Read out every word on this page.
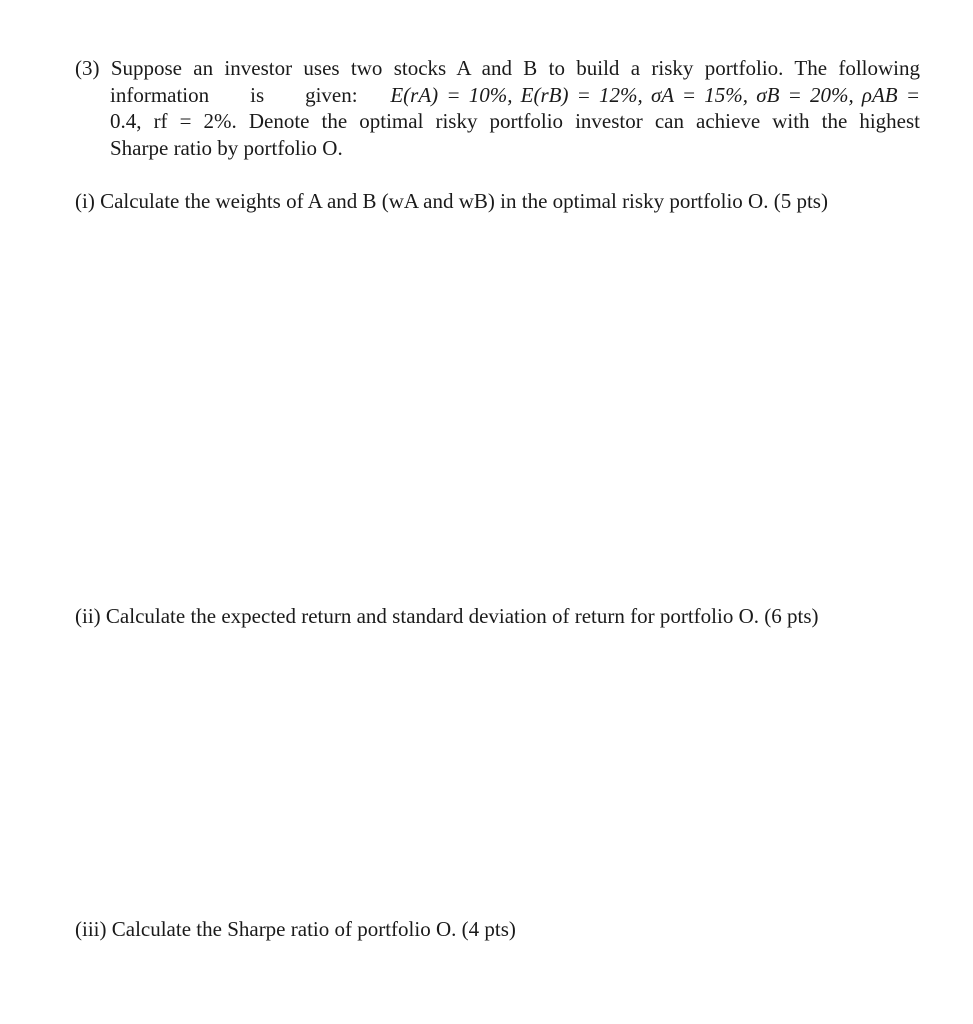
(3) Suppose an investor uses two stocks A and B to build a risky portfolio. The following
information is given: E(rA) = 10%, E(rB) = 12%, σA = 15%, σB = 20%, ρAB =
0.4, rf = 2%. Denote the optimal risky portfolio investor can achieve with the highest
Sharpe ratio by portfolio O.
(i) Calculate the weights of A and B (wA and wB) in the optimal risky portfolio O. (5 pts)
(ii) Calculate the expected return and standard deviation of return for portfolio O. (6 pts)
(iii) Calculate the Sharpe ratio of portfolio O. (4 pts)
